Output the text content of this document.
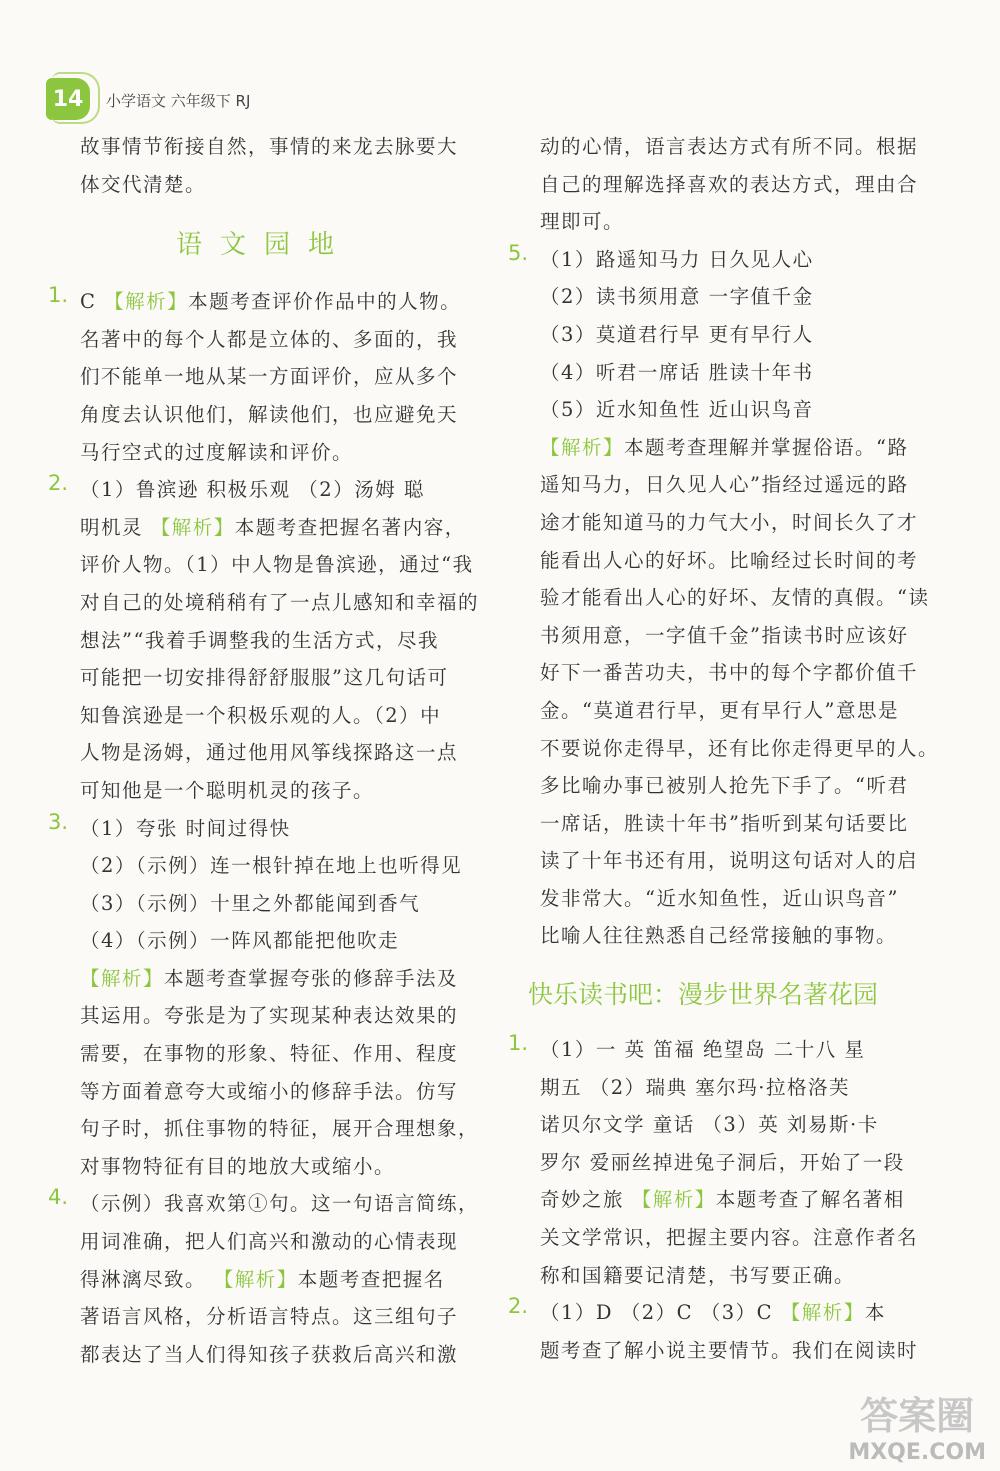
14	小学语文 六年级下 RJ
故事情节衔接自然，事情的来龙去脉要大
体交代清楚。
语文园地
1. C 【解析】本题考查评价作品中的人物。
名著中的每个人都是立体的、多面的，我
们不能单一地从某一方面评价，应从多个
角度去认识他们，解读他们，也应避免天
马行空式的过度解读和评价。
2. （1）鲁滨逊 积极乐观 （2）汤姆 聪
明机灵 【解析】本题考查把握名著内容，
评价人物。（1）中人物是鲁滨逊，通过“我
对自己的处境稍稍有了一点儿感知和幸福的
想法”“我着手调整我的生活方式，尽我
可能把一切安排得舒舒服服”这几句话可
知鲁滨逊是一个积极乐观的人。（2）中
人物是汤姆，通过他用风筝线探路这一点
可知他是一个聪明机灵的孩子。
3. （1）夸张 时间过得快
（2）（示例）连一根针掉在地上也听得见
（3）（示例）十里之外都能闻到香气
（4）（示例）一阵风都能把他吹走
【解析】本题考查掌握夸张的修辞手法及
其运用。夸张是为了实现某种表达效果的
需要，在事物的形象、特征、作用、程度
等方面着意夸大或缩小的修辞手法。仿写
句子时，抓住事物的特征，展开合理想象，
对事物特征有目的地放大或缩小。
4. （示例）我喜欢第①句。这一句语言简练，
用词准确，把人们高兴和激动的心情表现
得淋漓尽致。 【解析】本题考查把握名
著语言风格，分析语言特点。这三组句子
都表达了当人们得知孩子获救后高兴和激
动的心情，语言表达方式有所不同。根据
自己的理解选择喜欢的表达方式，理由合
理即可。
5. （1）路遥知马力 日久见人心
（2）读书须用意 一字值千金
（3）莫道君行早 更有早行人
（4）听君一席话 胜读十年书
（5）近水知鱼性 近山识鸟音
【解析】本题考查理解并掌握俗语。“路
遥知马力，日久见人心”指经过遥远的路
途才能知道马的力气大小，时间长久了才
能看出人心的好坏。比喻经过长时间的考
验才能看出人心的好坏、友情的真假。“读
书须用意，一字值千金”指读书时应该好
好下一番苦功夫，书中的每个字都价值千
金。“莫道君行早，更有早行人”意思是
不要说你走得早，还有比你走得更早的人。
多比喻办事已被别人抢先下手了。“听君
一席话，胜读十年书”指听到某句话要比
读了十年书还有用，说明这句话对人的启
发非常大。“近水知鱼性，近山识鸟音”
比喻人往往熟悉自己经常接触的事物。
快乐读书吧：漫步世界名著花园
1. （1）一 英 笛福 绝望岛 二十八 星
期五 （2）瑞典 塞尔玛·拉格洛芙
诺贝尔文学 童话 （3）英 刘易斯·卡
罗尔 爱丽丝掉进兔子洞后，开始了一段
奇妙之旅 【解析】本题考查了解名著相
关文学常识，把握主要内容。注意作者名
称和国籍要记清楚，书写要正确。
2. （1）D （2）C （3）C 【解析】本
题考查了解小说主要情节。我们在阅读时
答案圈
MXQE.COM
